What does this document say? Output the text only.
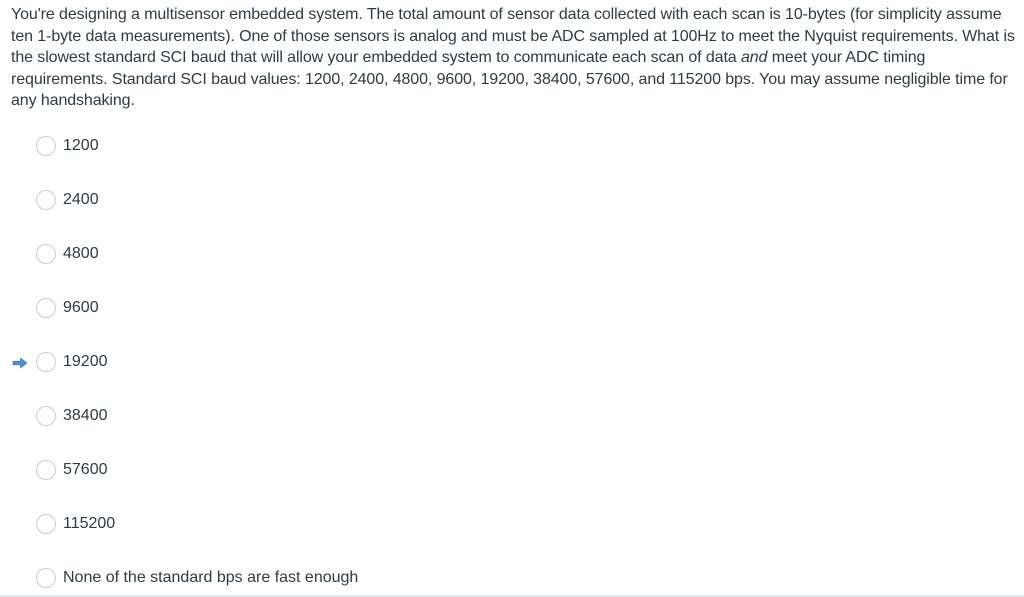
You're designing a multisensor embedded system. The total amount of sensor data collected with each scan is 10-bytes (for simplicity assume ten 1-byte data measurements). One of those sensors is analog and must be ADC sampled at 100Hz to meet the Nyquist requirements. What is the slowest standard SCI baud that will allow your embedded system to communicate each scan of data and meet your ADC timing requirements. Standard SCI baud values: 1200, 2400, 4800, 9600, 19200, 38400, 57600, and 115200 bps. You may assume negligible time for any handshaking.

1200
2400
4800
9600
19200
38400
57600
115200
None of the standard bps are fast enough
